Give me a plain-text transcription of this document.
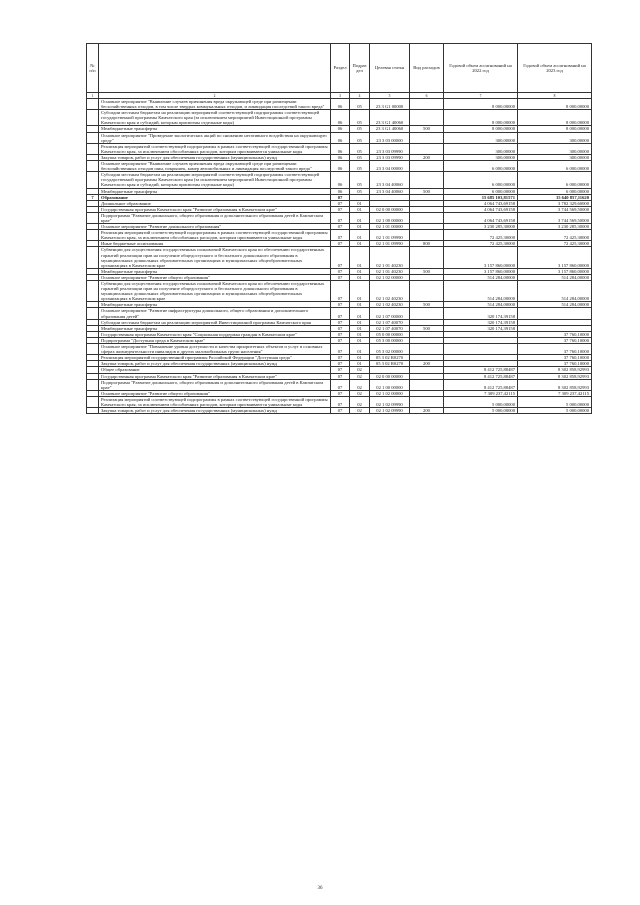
№ п/п		Раздел	Подраздел	Целевая статья	Вид расходов	Годовой объем ассигнований на 2022 год	Годовой объем ассигнований на 2023 год
1	2	3	4	5	6	7	8
	Основное мероприятие "Выявление случаев причинения вреда окружающей среде при размещении бесхозяйственных отходов, в том числе твердых коммунальных отходов, и ликвидация последствий такого вреда"	06	05	23 3 G1 00000		8 000,00000	8 000,00000
	Субсидии местным бюджетам на реализацию мероприятий соответствующей подпрограммы соответствующей государственной программы Камчатского края (за исключением мероприятий Инвестиционной программы Камчатского края и субсидий, которым присвоены отдельные коды)	06	05	23 3 G1 40060		8 000,00000	8 000,00000
	Межбюджетные трансферты	06	05	23 3 G1 40060	500	8 000,00000	8 000,00000
	Основное мероприятие "Проведение экологических акций по снижению негативного воздействия на окружающую среду"	06	05	23 3 03 00000		300,00000	300,00000
	Реализация мероприятий соответствующей подпрограммы в рамках соответствующей государственной программы Камчатского края, за исключением обособленных расходов, которым присваиваются уникальные коды	06	05	23 3 03 09990		300,00000	300,00000
	Закупка товаров, работ и услуг для обеспечения государственных (муниципальных) нужд	06	05	23 3 03 09990	200	300,00000	300,00000
	Основное мероприятие "Выявление случаев причинения вреда окружающей среде при размещении бесхозяйственных отходов шин, покрышек, камер автомобильных и ликвидация последствий такого вреда"	06	05	23 3 04 00000		6 000,00000	6 000,00000
	Субсидии местным бюджетам на реализацию мероприятий соответствующей подпрограммы соответствующей государственной программы Камчатского края (за исключением мероприятий Инвестиционной программы Камчатского края и субсидий, которым присвоены отдельные коды)	06	05	23 3 04 40060		6 000,00000	6 000,00000
	Межбюджетные трансферты	06	05	23 3 04 40060	500	6 000,00000	6 000,00000
7	Образование	07				15 685 103,81571	15 640 857,11620
	Дошкольное образование	07	01			4 064 743,69158	3 782 329,60000
	Государственная программа Камчатского края "Развитие образования в Камчатском крае"	07	01	02 0 00 00000		4 064 743,69158	3 744 569,50000
	Подпрограмма "Развитие дошкольного, общего образования и дополнительного образования детей в Камчатском крае"	07	01	02 1 00 00000		4 064 743,69158	3 744 569,50000
	Основное мероприятие "Развитие дошкольного образования"	07	01	02 1 01 00000		3 230 285,30000	3 230 285,30000
	Реализация мероприятий соответствующей подпрограммы в рамках соответствующей государственной программы Камчатского края, за исключением обособленных расходов, которым присваиваются уникальные коды	07	01	02 1 01 09990		72 425,30000	72 425,30000
	Иные бюджетные ассигнования	07	01	02 1 01 09990	800	72 425,30000	72 425,30000
	Субвенции для осуществления государственных полномочий Камчатского края по обеспечению государственных гарантий реализации прав на получение общедоступного и бесплатного дошкольного образования в муниципальных дошкольных образовательных организациях и муниципальных общеобразовательных организациях в Камчатском крае	07	01	02 1 01 40230		3 157 860,00000	3 157 860,00000
	Межбюджетные трансферты	07	01	02 1 01 40230	500	3 157 860,00000	3 157 860,00000
	Основное мероприятие "Развитие общего образования"	07	01	02 1 02 00000		514 284,00000	514 284,00000
	Субвенции для осуществления государственных полномочий Камчатского края по обеспечению государственных гарантий реализации прав на получение общедоступного и бесплатного дошкольного образования в муниципальных дошкольных образовательных организациях и муниципальных общеобразовательных организациях в Камчатском крае	07	01	02 1 02 40230		514 284,00000	514 284,00000
	Межбюджетные трансферты	07	01	02 1 02 40230	500	514 284,00000	514 284,00000
	Основное мероприятие "Развитие инфраструктуры дошкольного, общего образования и дополнительного образования детей"	07	01	02 1 07 00000		320 174,39158	
	Субсидии местным бюджетам на реализацию мероприятий Инвестиционной программы Камчатского края	07	01	02 1 07 40070		320 174,39158	
	Межбюджетные трансферты	07	01	02 1 07 40070	500	320 174,39158	
	Государственная программа Камчатского края "Социальная поддержка граждан в Камчатском крае"	07	01	05 0 00 00000			37 760,10000
	Подпрограмма "Доступная среда в Камчатском крае"	07	01	05 3 00 00000			37 760,10000
	Основное мероприятие "Повышение уровня доступности и качества приоритетных объектов и услуг в основных сферах жизнедеятельности инвалидов и других маломобильных групп населения"	07	01	05 3 02 00000			37 760,10000
	Реализация мероприятий государственной программы Российской Федерации "Доступная среда"	07	01	05 3 02 R0270			37 760,10000
	Закупка товаров, работ и услуг для обеспечения государственных (муниципальных) нужд	07	01	05 3 02 R0270	200		37 760,10000
	Общее образование	07	02			8 412 725,88487	8 302 858,92993
	Государственная программа Камчатского края "Развитие образования в Камчатском крае"	07	02	02 0 00 00000		8 412 725,88487	8 302 858,92993
	Подпрограмма "Развитие дошкольного, общего образования и дополнительного образования детей в Камчатском крае"	07	02	02 1 00 00000		8 412 725,88487	8 302 858,92993
	Основное мероприятие "Развитие общего образования"	07	02	02 1 02 00000		7 309 237,42115	7 309 237,42115
	Реализация мероприятий соответствующей подпрограммы в рамках соответствующей государственной программы Камчатского края, за исключением обособленных расходов, которым присваиваются уникальные коды	07	02	02 1 02 09990		5 000,00000	5 000,00000
	Закупка товаров, работ и услуг для обеспечения государственных (муниципальных) нужд	07	02	02 1 02 09990	200	5 000,00000	5 000,00000
36
